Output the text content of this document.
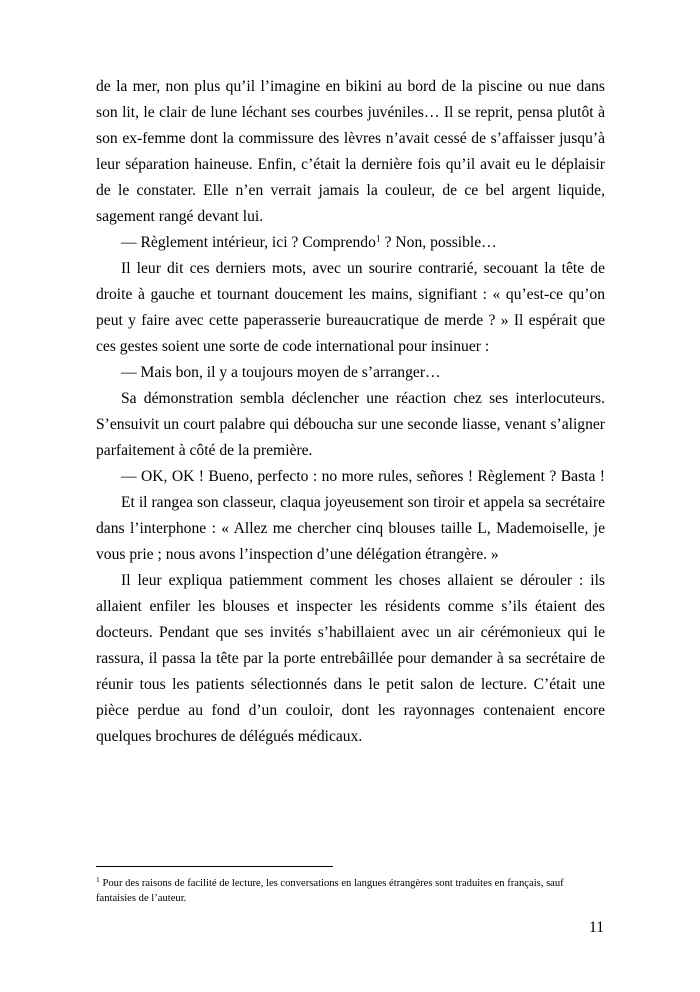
de la mer, non plus qu’il l’imagine en bikini au bord de la piscine ou nue dans son lit, le clair de lune léchant ses courbes juvéniles… Il se reprit, pensa plutôt à son ex-femme dont la commissure des lèvres n’avait cessé de s’affaisser jusqu’à leur séparation haineuse. Enfin, c’était la dernière fois qu’il avait eu le déplaisir de le constater. Elle n’en verrait jamais la couleur, de ce bel argent liquide, sagement rangé devant lui.

— Règlement intérieur, ici ? Comprendo$^1$ ? Non, possible…

Il leur dit ces derniers mots, avec un sourire contrarié, secouant la tête de droite à gauche et tournant doucement les mains, signifiant : « qu’est-ce qu’on peut y faire avec cette paperasserie bureaucratique de merde ? » Il espérait que ces gestes soient une sorte de code international pour insinuer :

— Mais bon, il y a toujours moyen de s’arranger…

Sa démonstration sembla déclencher une réaction chez ses interlocuteurs. S’ensuivit un court palabre qui déboucha sur une seconde liasse, venant s’aligner parfaitement à côté de la première.

— OK, OK ! Bueno, perfecto : no more rules, señores ! Règlement ? Basta !

Et il rangea son classeur, claqua joyeusement son tiroir et appela sa secrétaire dans l’interphone : « Allez me chercher cinq blouses taille L, Mademoiselle, je vous prie ; nous avons l’inspection d’une délégation étrangère. »

Il leur expliqua patiemment comment les choses allaient se dérouler : ils allaient enfiler les blouses et inspecter les résidents comme s’ils étaient des docteurs. Pendant que ses invités s’habillaient avec un air cérémonieux qui le rassura, il passa la tête par la porte entrebâillée pour demander à sa secrétaire de réunir tous les patients sélectionnés dans le petit salon de lecture. C’était une pièce perdue au fond d’un couloir, dont les rayonnages contenaient encore quelques brochures de délégués médicaux.

$^1$ Pour des raisons de facilité de lecture, les conversations en langues étrangères sont traduites en français, sauf fantaisies de l’auteur.

11
